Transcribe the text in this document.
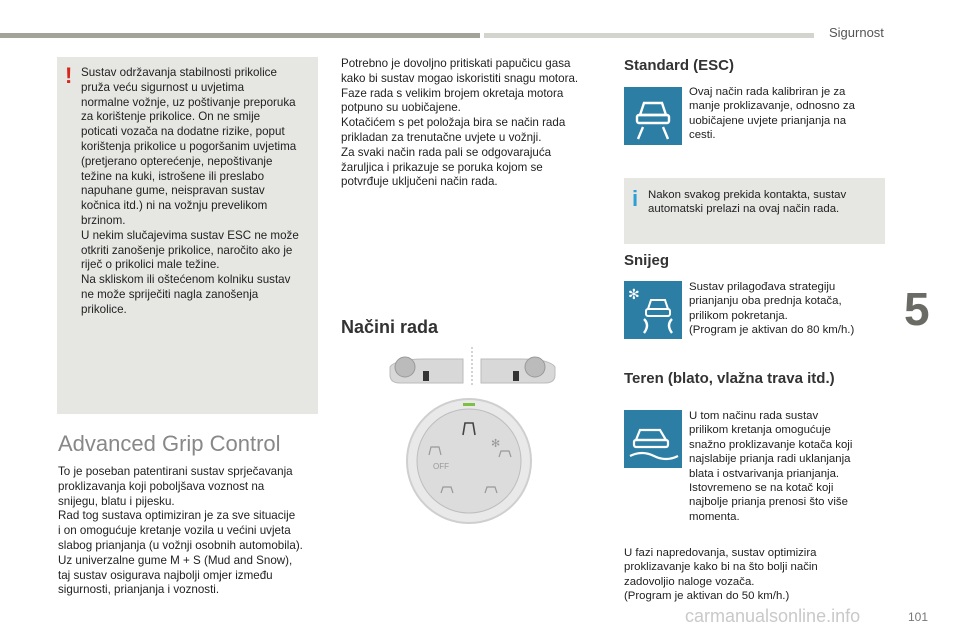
Sigurnost
5
carmanualsonline.info	101
! Sustav održavanja stabilnosti prikolice
pruža veću sigurnost u uvjetima
normalne vožnje, uz poštivanje preporuka
za korištenje prikolice. On ne smije
poticati vozača na dodatne rizike, poput
korištenja prikolice u pogoršanim uvjetima
(pretjerano opterećenje, nepoštivanje
težine na kuki, istrošene ili preslabo
napuhane gume, neispravan sustav
kočnica itd.) ni na vožnju prevelikom
brzinom.
U nekim slučajevima sustav ESC ne može
otkriti zanošenje prikolice, naročito ako je
riječ o prikolici male težine.
Na skliskom ili oštećenom kolniku sustav
ne može spriječiti nagla zanošenja
prikolice.
Advanced Grip Control
To je poseban patentirani sustav sprječavanja
proklizavanja koji poboljšava voznost na
snijegu, blatu i pijesku.
Rad tog sustava optimiziran je za sve situacije
i on omogućuje kretanje vozila u većini uvjeta
slabog prianjanja (u vožnji osobnih automobila).
Uz univerzalne gume M + S (Mud and Snow),
taj sustav osigurava najbolji omjer između
sigurnosti, prianjanja i voznosti.
Potrebno je dovoljno pritiskati papučicu gasa
kako bi sustav mogao iskoristiti snagu motora.
Faze rada s velikim brojem okretaja motora
potpuno su uobičajene.
Kotačićem s pet položaja bira se način rada
prikladan za trenutačne uvjete u vožnji.
Za svaki način rada pali se odgovarajuća
žaruljica i prikazuje se poruka kojom se
potvrđuje uključeni način rada.
Načini rada
OFF
✻
Standard (ESC)
Ovaj način rada kalibriran je za
manje proklizavanje, odnosno za
uobičajene uvjete prianjanja na
cesti.
i Nakon svakog prekida kontakta, sustav
automatski prelazi na ovaj način rada.
Snijeg
✻	Sustav prilagođava strategiju
prianjanju oba prednja kotača,
prilikom pokretanja.
(Program je aktivan do 80 km/h.)
Teren (blato, vlažna trava itd.)
U tom načinu rada sustav
prilikom kretanja omogućuje
snažno proklizavanje kotača koji
najslabije prianja radi uklanjanja
blata i ostvarivanja prianjanja.
Istovremeno se na kotač koji
najbolje prianja prenosi što više
momenta.
U fazi napredovanja, sustav optimizira
proklizavanje kako bi na što bolji način
zadovoljio naloge vozača.
(Program je aktivan do 50 km/h.)
